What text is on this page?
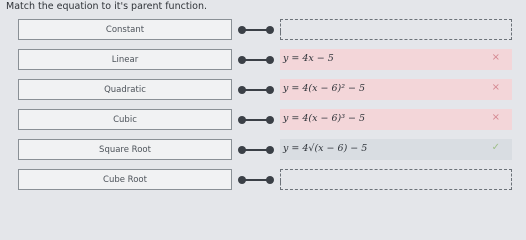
Match the equation to it's parent function.
Constant
Linear	y = 4x − 5	×
Quadratic	y = 4(x − 6)² − 5	×
Cubic	y = 4(x − 6)³ − 5	×
Square Root	y = 4√(x − 6) − 5	✓
Cube Root
